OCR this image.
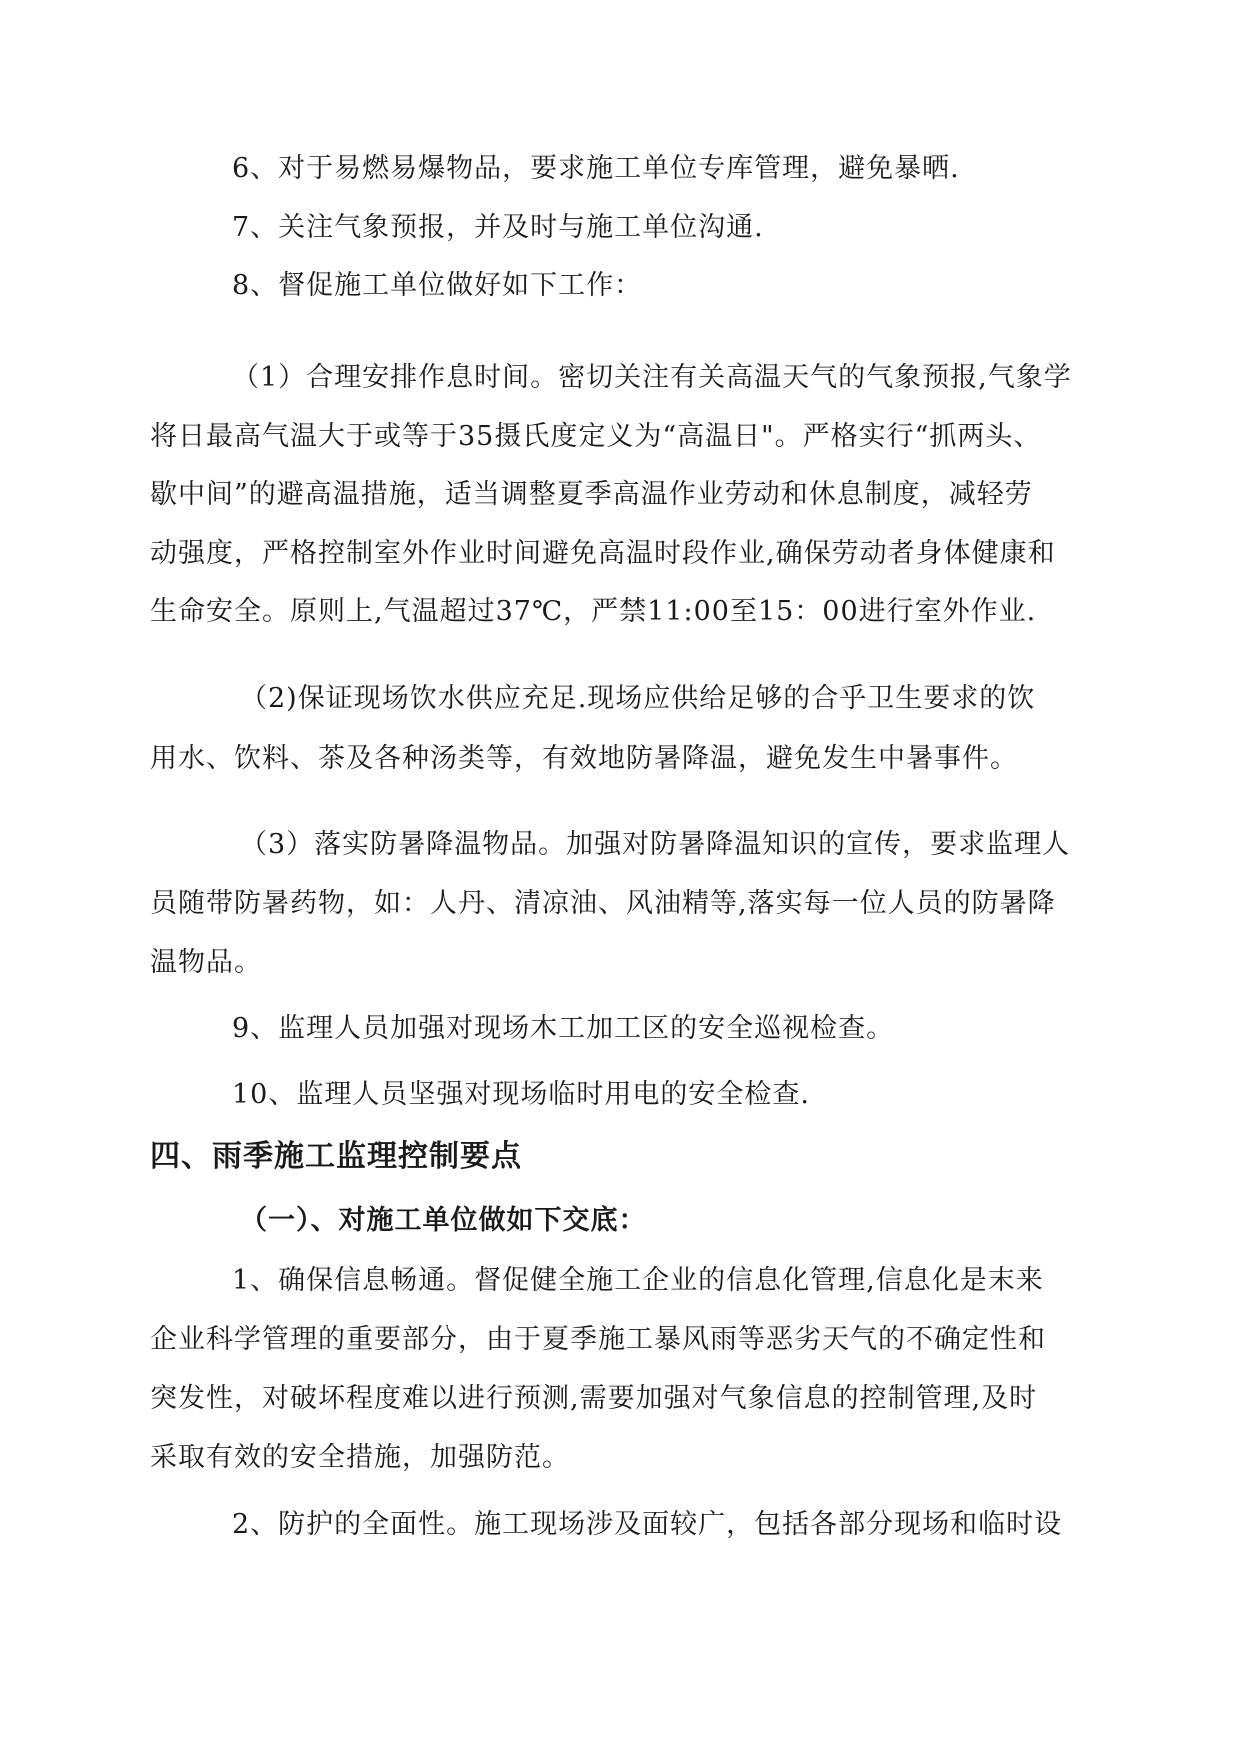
6、对于易燃易爆物品，要求施工单位专库管理，避免暴晒.
7、关注气象预报，并及时与施工单位沟通.
8、督促施工单位做好如下工作：
（1）合理安排作息时间。密切关注有关高温天气的气象预报,气象学
将日最高气温大于或等于35摄氏度定义为“高温日"。严格实行“抓两头、
歇中间”的避高温措施，适当调整夏季高温作业劳动和休息制度，减轻劳
动强度，严格控制室外作业时间避免高温时段作业,确保劳动者身体健康和
生命安全。原则上,气温超过37℃，严禁11:00至15：00进行室外作业.
（2)保证现场饮水供应充足.现场应供给足够的合乎卫生要求的饮
用水、饮料、茶及各种汤类等，有效地防暑降温，避免发生中暑事件。
（3）落实防暑降温物品。加强对防暑降温知识的宣传，要求监理人
员随带防暑药物，如：人丹、清凉油、风油精等,落实每一位人员的防暑降
温物品。
9、监理人员加强对现场木工加工区的安全巡视检查。
10、监理人员坚强对现场临时用电的安全检查.
四、雨季施工监理控制要点
（一）、对施工单位做如下交底：
1、确保信息畅通。督促健全施工企业的信息化管理,信息化是末来
企业科学管理的重要部分，由于夏季施工暴风雨等恶劣天气的不确定性和
突发性，对破坏程度难以进行预测,需要加强对气象信息的控制管理,及时
采取有效的安全措施，加强防范。
2、防护的全面性。施工现场涉及面较广，包括各部分现场和临时设
